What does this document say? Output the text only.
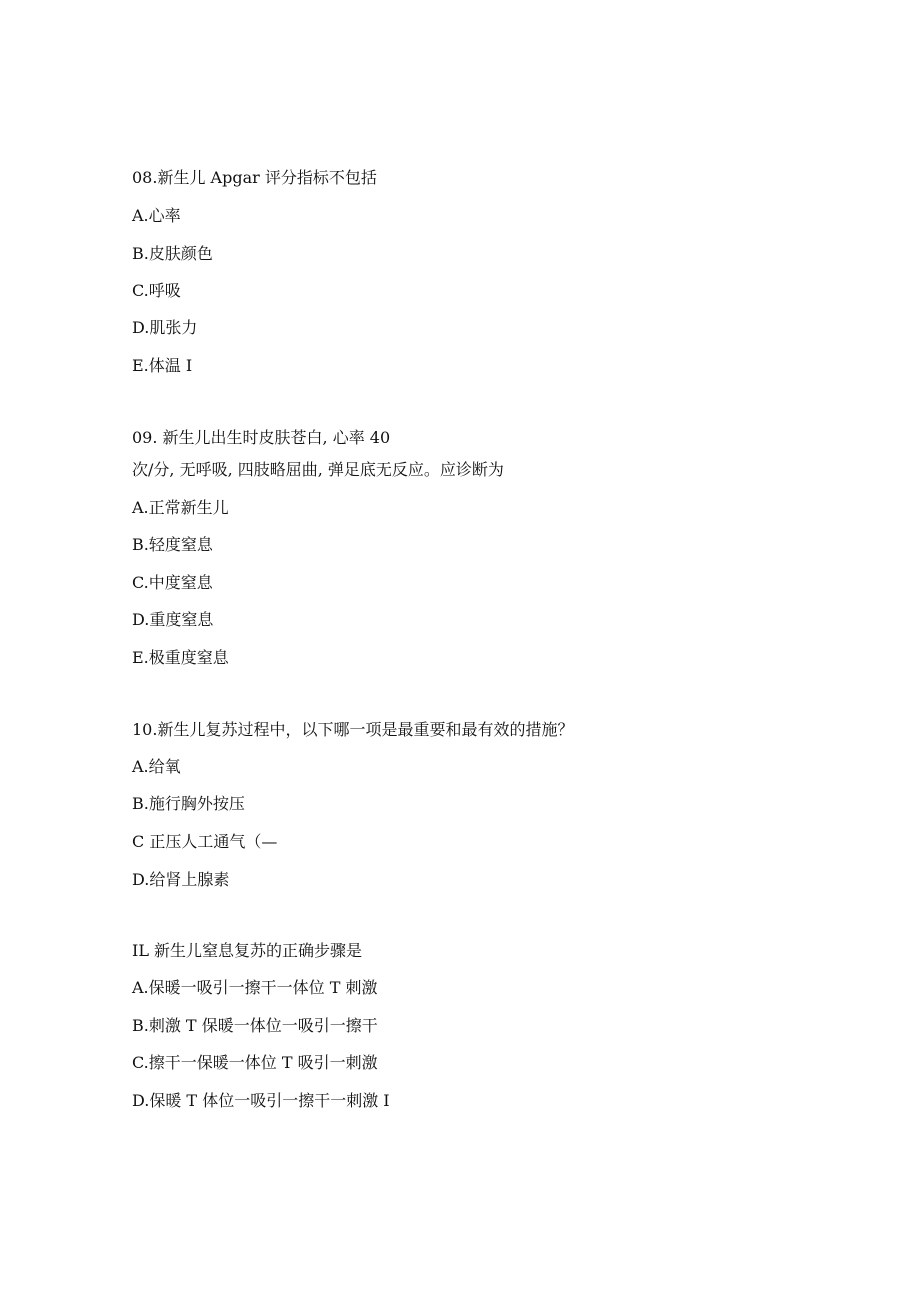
08.新生儿 Apgar 评分指标不包括
A.心率
B.皮肤颜色
C.呼吸
D.肌张力
E.体温 I
09. 新生儿出生时皮肤苍白, 心率 40
次/分, 无呼吸, 四肢略屈曲, 弹足底无反应。应诊断为
A.正常新生儿
B.轻度窒息
C.中度窒息
D.重度窒息
E.极重度窒息
10.新生儿复苏过程中，以下哪一项是最重要和最有效的措施？
A.给氧
B.施行胸外按压
C 正压人工通气（—
D.给肾上腺素
IL 新生儿窒息复苏的正确步骤是
A.保暖一吸引一擦干一体位 T 刺激
B.刺激 T 保暖一体位一吸引一擦干
C.擦干一保暖一体位 T 吸引一刺激
D.保暖 T 体位一吸引一擦干一刺激 I
